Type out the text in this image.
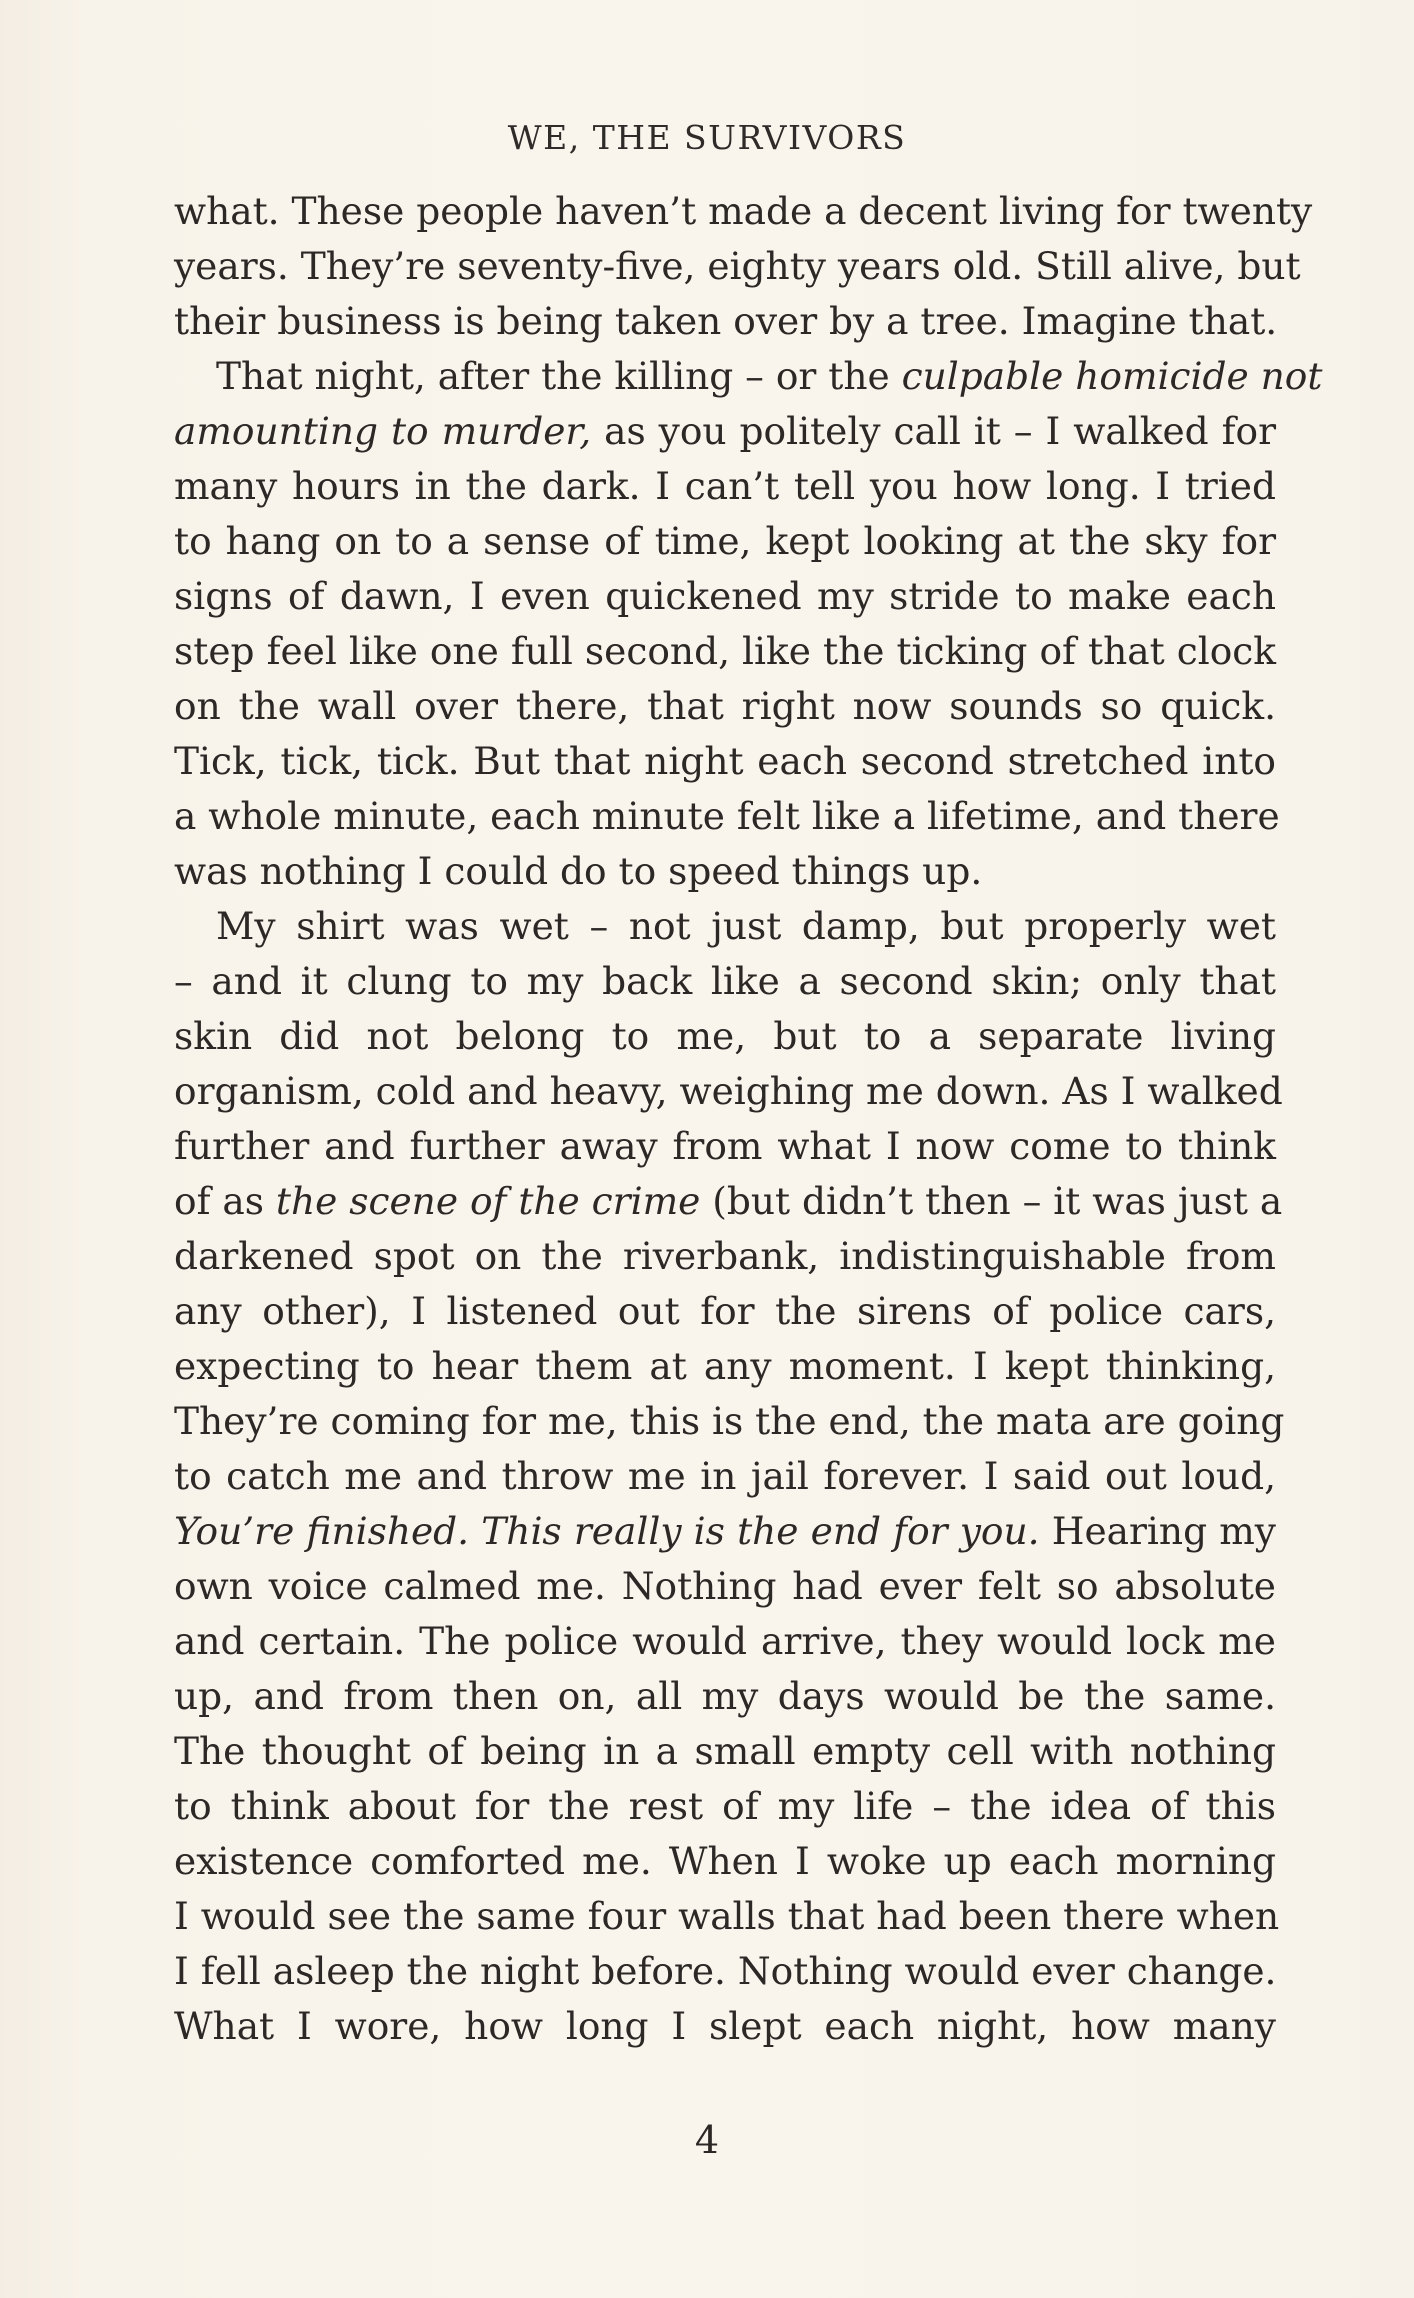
WE, THE SURVIVORS
what. These people haven’t made a decent living for twenty
years. They’re seventy-five, eighty years old. Still alive, but
their business is being taken over by a tree. Imagine that.
That night, after the killing – or the culpable homicide not
amounting to murder, as you politely call it – I walked for
many hours in the dark. I can’t tell you how long. I tried
to hang on to a sense of time, kept looking at the sky for
signs of dawn, I even quickened my stride to make each
step feel like one full second, like the ticking of that clock
on the wall over there, that right now sounds so quick.
Tick, tick, tick. But that night each second stretched into
a whole minute, each minute felt like a lifetime, and there
was nothing I could do to speed things up.
My shirt was wet – not just damp, but properly wet
– and it clung to my back like a second skin; only that
skin did not belong to me, but to a separate living
organism, cold and heavy, weighing me down. As I walked
further and further away from what I now come to think
of as the scene of the crime (but didn’t then – it was just a
darkened spot on the riverbank, indistinguishable from
any other), I listened out for the sirens of police cars,
expecting to hear them at any moment. I kept thinking,
They’re coming for me, this is the end, the mata are going
to catch me and throw me in jail forever. I said out loud,
You’re finished. This really is the end for you. Hearing my
own voice calmed me. Nothing had ever felt so absolute
and certain. The police would arrive, they would lock me
up, and from then on, all my days would be the same.
The thought of being in a small empty cell with nothing
to think about for the rest of my life – the idea of this
existence comforted me. When I woke up each morning
I would see the same four walls that had been there when
I fell asleep the night before. Nothing would ever change.
What I wore, how long I slept each night, how many
4
